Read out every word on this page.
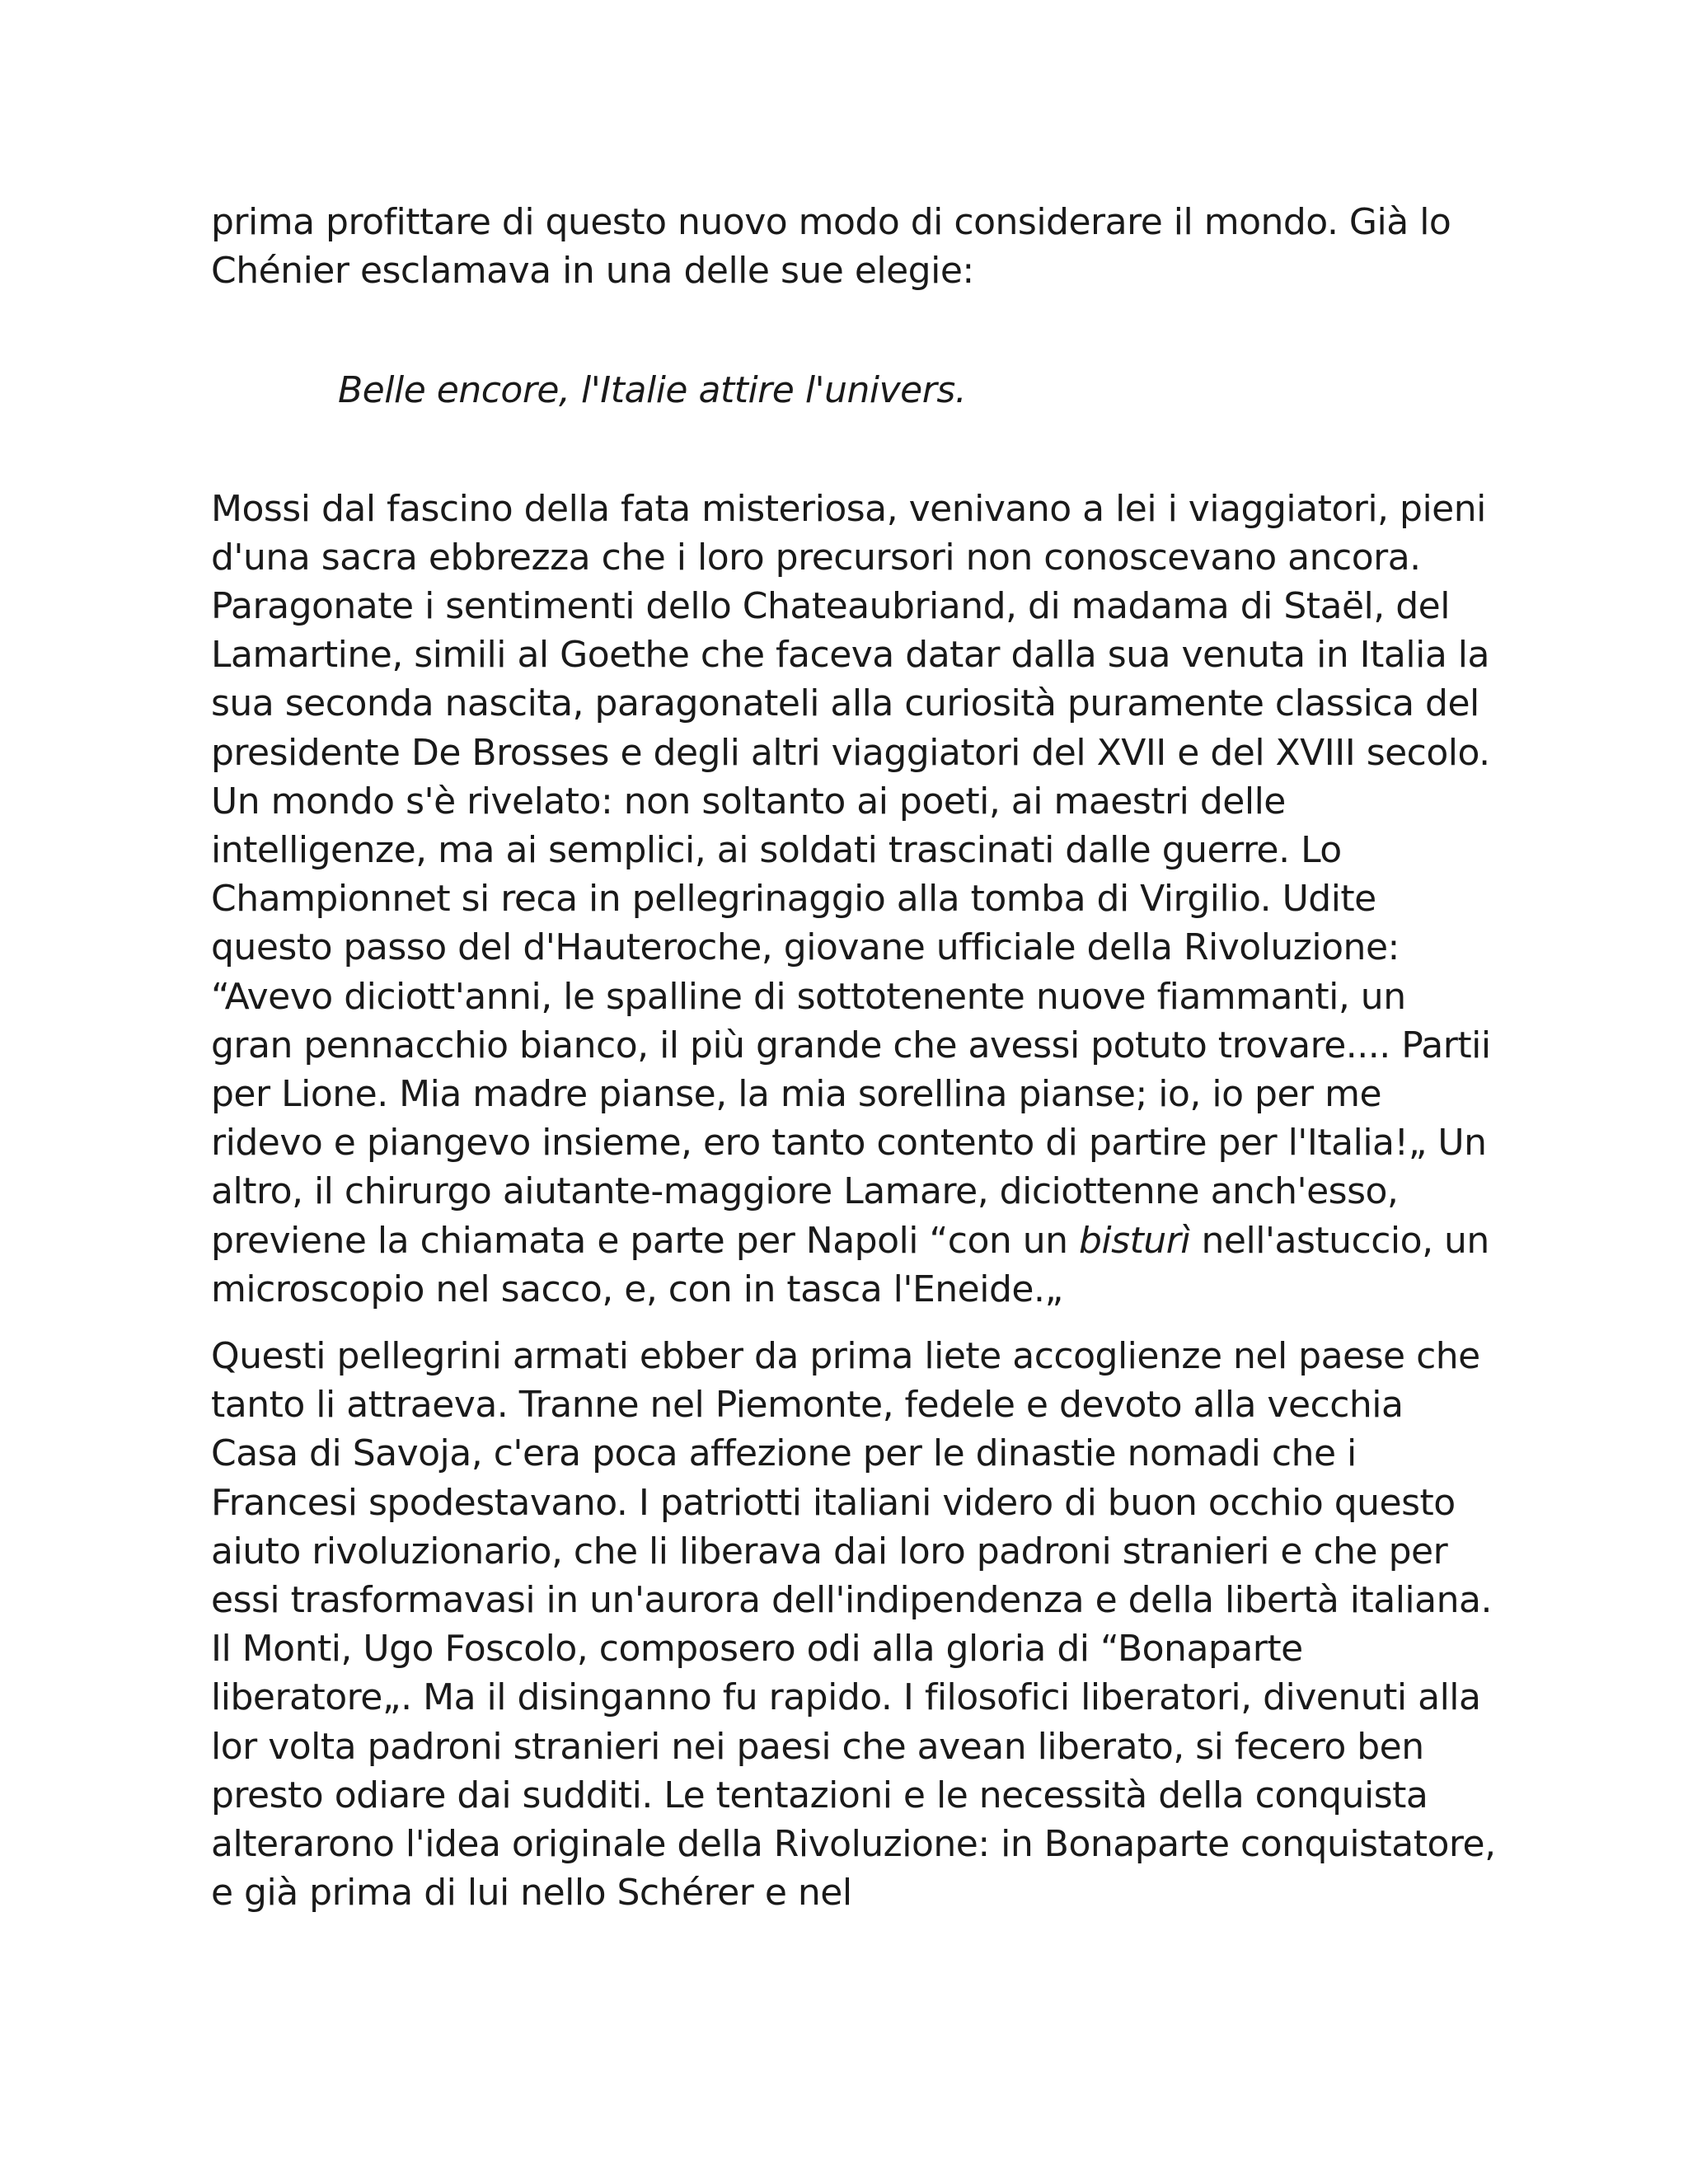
prima profittare di questo nuovo modo di considerare il mondo. Già lo Chénier esclamava in una delle sue elegie:

Belle encore, l'Italie attire l'univers.

Mossi dal fascino della fata misteriosa, venivano a lei i viaggiatori, pieni d'una sacra ebbrezza che i loro precursori non conoscevano ancora. Paragonate i sentimenti dello Chateaubriand, di madama di Staël, del Lamartine, simili al Goethe che faceva datar dalla sua venuta in Italia la sua seconda nascita, paragonateli alla curiosità puramente classica del presidente De Brosses e degli altri viaggiatori del XVII e del XVIII secolo. Un mondo s'è rivelato: non soltanto ai poeti, ai maestri delle intelligenze, ma ai semplici, ai soldati trascinati dalle guerre. Lo Championnet si reca in pellegrinaggio alla tomba di Virgilio. Udite questo passo del d'Hauteroche, giovane ufficiale della Rivoluzione: “Avevo diciott'anni, le spalline di sottotenente nuove fiammanti, un gran pennacchio bianco, il più grande che avessi potuto trovare.... Partii per Lione. Mia madre pianse, la mia sorellina pianse; io, io per me ridevo e piangevo insieme, ero tanto contento di partire per l'Italia!„ Un altro, il chirurgo aiutante-maggiore Lamare, diciottenne anch'esso, previene la chiamata e parte per Napoli “con un bisturì nell'astuccio, un microscopio nel sacco, e, con in tasca l'Eneide.„

Questi pellegrini armati ebber da prima liete accoglienze nel paese che tanto li attraeva. Tranne nel Piemonte, fedele e devoto alla vecchia Casa di Savoja, c'era poca affezione per le dinastie nomadi che i Francesi spodestavano. I patriotti italiani videro di buon occhio questo aiuto rivoluzionario, che li liberava dai loro padroni stranieri e che per essi trasformavasi in un'aurora dell'indipendenza e della libertà italiana. Il Monti, Ugo Foscolo, composero odi alla gloria di “Bonaparte liberatore„. Ma il disinganno fu rapido. I filosofici liberatori, divenuti alla lor volta padroni stranieri nei paesi che avean liberato, si fecero ben presto odiare dai sudditi. Le tentazioni e le necessità della conquista alterarono l'idea originale della Rivoluzione: in Bonaparte conquistatore, e già prima di lui nello Schérer e nel
